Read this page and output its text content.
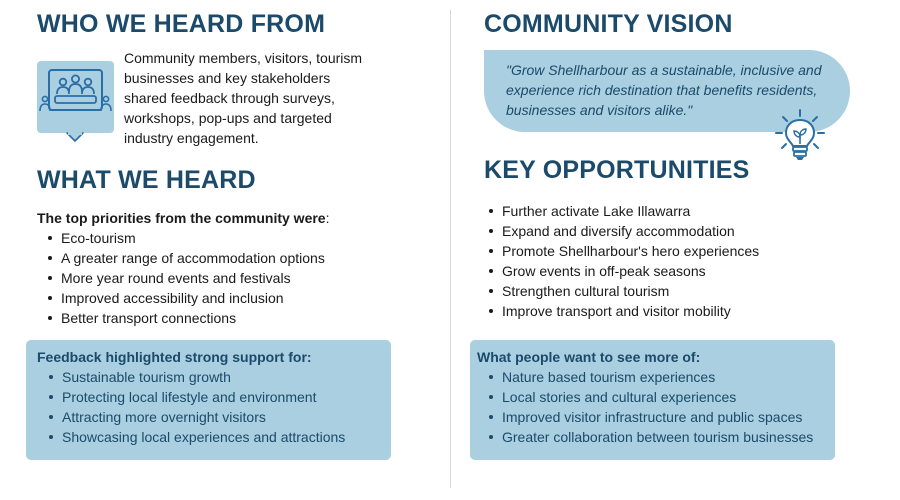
WHO WE HEARD FROM
Community members, visitors, tourism businesses and key stakeholders shared feedback through surveys, workshops, pop-ups and targeted industry engagement.
WHAT WE HEARD
The top priorities from the community were:
Eco-tourism
A greater range of accommodation options
More year round events and festivals
Improved accessibility and inclusion
Better transport connections
Feedback highlighted strong support for:
Sustainable tourism growth
Protecting local lifestyle and environment
Attracting more overnight visitors
Showcasing local experiences and attractions
COMMUNITY VISION
"Grow Shellharbour as a sustainable, inclusive and experience rich destination that benefits residents, businesses and visitors alike."
KEY OPPORTUNITIES
Further activate Lake Illawarra
Expand and diversify accommodation
Promote Shellharbour's hero experiences
Grow events in off-peak seasons
Strengthen cultural tourism
Improve transport and visitor mobility
What people want to see more of:
Nature based tourism experiences
Local stories and cultural experiences
Improved visitor infrastructure and public spaces
Greater collaboration between tourism businesses
